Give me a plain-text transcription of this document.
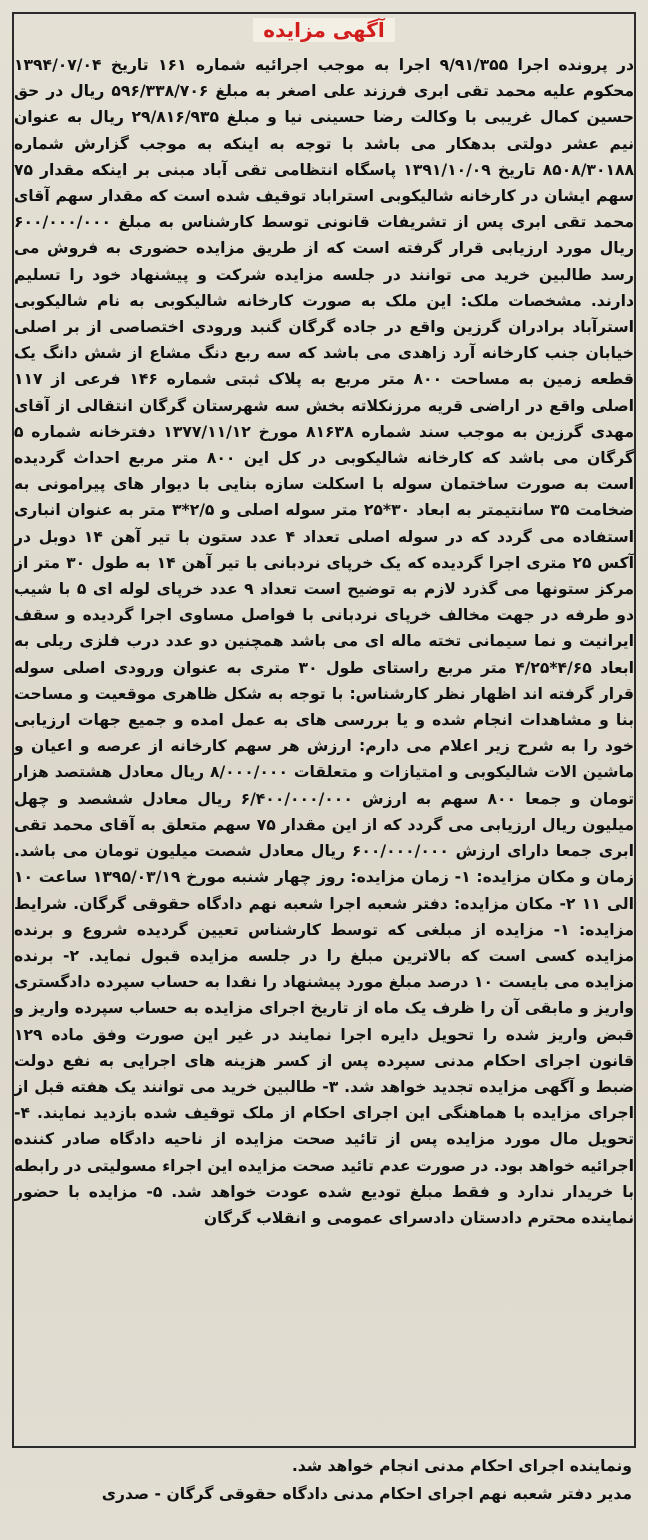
آگهی مزایده
در پرونده اجرا ۹/۹۱/۳۵۵ اجرا به موجب اجرائیه شماره ۱۶۱ تاریخ ۱۳۹۴/۰۷/۰۴ محکوم علیه محمد تقی ابری فرزند علی اصغر به مبلغ ۵۹۶/۳۳۸/۷۰۶ ریال در حق حسین کمال غریبی با وکالت رضا حسینی نیا و مبلغ ۲۹/۸۱۶/۹۳۵ ریال به عنوان نیم عشر دولتی بدهکار می باشد با توجه به اینکه به موجب گزارش شماره ۸۵۰۸/۳۰۱۸۸ تاریخ ۱۳۹۱/۱۰/۰۹ پاسگاه انتظامی تقی آباد مبنی بر اینکه مقدار ۷۵ سهم ایشان در کارخانه شالیکوبی استراباد توقیف شده است که مقدار سهم آقای محمد تقی ابری پس از تشریفات قانونی توسط کارشناس به مبلغ ۶۰۰/۰۰۰/۰۰۰ ریال مورد ارزیابی قرار گرفته است که از طریق مزایده حضوری به فروش می رسد طالبین خرید می توانند در جلسه مزایده شرکت و پیشنهاد خود را تسلیم دارند. مشخصات ملک: این ملک به صورت کارخانه شالیکوبی به نام شالیکوبی استرآباد برادران گرزین واقع در جاده گرگان گنبد ورودی اختصاصی از بر اصلی خیابان جنب کارخانه آرد زاهدی می باشد که سه ربع دنگ مشاع از شش دانگ یک قطعه زمین به مساحت ۸۰۰ متر مربع به پلاک ثبتی شماره ۱۴۶ فرعی از ۱۱۷ اصلی واقع در اراضی قریه مرزنکلاته بخش سه شهرستان گرگان انتقالی از آقای مهدی گرزین به موجب سند شماره ۸۱۶۳۸ مورخ ۱۳۷۷/۱۱/۱۲ دفترخانه شماره ۵ گرگان می باشد که کارخانه شالیکوبی در کل این ۸۰۰ متر مربع احداث گردیده است به صورت ساختمان سوله با اسکلت سازه بنایی با دیوار های پیرامونی به ضخامت ۳۵ سانتیمتر به ابعاد ۳۰*۲۵ متر سوله اصلی و ۲/۵*۳ متر به عنوان انباری استفاده می گردد که در سوله اصلی تعداد ۴ عدد ستون با تیر آهن ۱۴ دوبل در آکس ۲۵ متری اجرا گردیده که یک خرپای نردبانی با تیر آهن ۱۴ به طول ۳۰ متر از مرکز ستونها می گذرد لازم به توضیح است تعداد ۹ عدد خرپای لوله ای ۵ با شیب دو طرفه در جهت مخالف خرپای نردبانی با فواصل مساوی اجرا گردیده و سقف ایرانیت و نما سیمانی تخته ماله ای می باشد همچنین دو عدد درب فلزی ریلی به ابعاد ۴/۶۵*۴/۲۵ متر مربع راستای طول ۳۰ متری به عنوان ورودی اصلی سوله قرار گرفته اند اظهار نظر کارشناس: با توجه به شکل ظاهری موقعیت و مساحت بنا و مشاهدات انجام شده و یا بررسی های به عمل امده و جمیع جهات ارزیابی خود را به شرح زیر اعلام می دارم: ارزش هر سهم کارخانه از عرصه و اعیان و ماشین الات شالیکوبی و امتیازات و متعلقات ۸/۰۰۰/۰۰۰ ریال معادل هشتصد هزار تومان و جمعا ۸۰۰ سهم به ارزش ۶/۴۰۰/۰۰۰/۰۰۰ ریال معادل ششصد و چهل میلیون ریال ارزیابی می گردد که از این مقدار ۷۵ سهم متعلق به آقای محمد تقی ابری جمعا دارای ارزش ۶۰۰/۰۰۰/۰۰۰ ریال معادل شصت میلیون تومان می باشد. زمان و مکان مزایده: ۱- زمان مزایده: روز چهار شنبه مورخ ۱۳۹۵/۰۳/۱۹ ساعت ۱۰ الی ۱۱ ۲- مکان مزایده: دفتر شعبه اجرا شعبه نهم دادگاه حقوقی گرگان. شرایط مزایده: ۱- مزایده از مبلغی که توسط کارشناس تعیین گردیده شروع و برنده مزایده کسی است که بالاترین مبلغ را در جلسه مزایده قبول نماید. ۲- برنده مزایده می بایست ۱۰ درصد مبلغ مورد پیشنهاد را نقدا به حساب سپرده دادگستری واریز و مابقی آن را ظرف یک ماه از تاریخ اجرای مزایده به حساب سپرده واریز و قبض واریز شده را تحویل دایره اجرا نمایند در غیر این صورت وفق ماده ۱۲۹ قانون اجرای احکام مدنی سپرده پس از کسر هزینه های اجرایی به نفع دولت ضبط و آگهی مزایده تجدید خواهد شد. ۳- طالبین خرید می توانند یک هفته قبل از اجرای مزایده با هماهنگی این اجرای احکام از ملک توقیف شده بازدید نمایند. ۴- تحویل مال مورد مزایده پس از تائید صحت مزایده از ناحیه دادگاه صادر کننده اجرائیه خواهد بود. در صورت عدم تائید صحت مزایده این اجراء مسولیتی در رابطه با خریدار ندارد و فقط مبلغ تودیع شده عودت خواهد شد. ۵- مزایده با حضور نماینده محترم دادستان دادسرای عمومی و انقلاب گرگان
ونماینده اجرای احکام مدنی انجام خواهد شد.
مدیر دفتر شعبه نهم اجرای احکام مدنی دادگاه حقوقی گرگان - صدری
